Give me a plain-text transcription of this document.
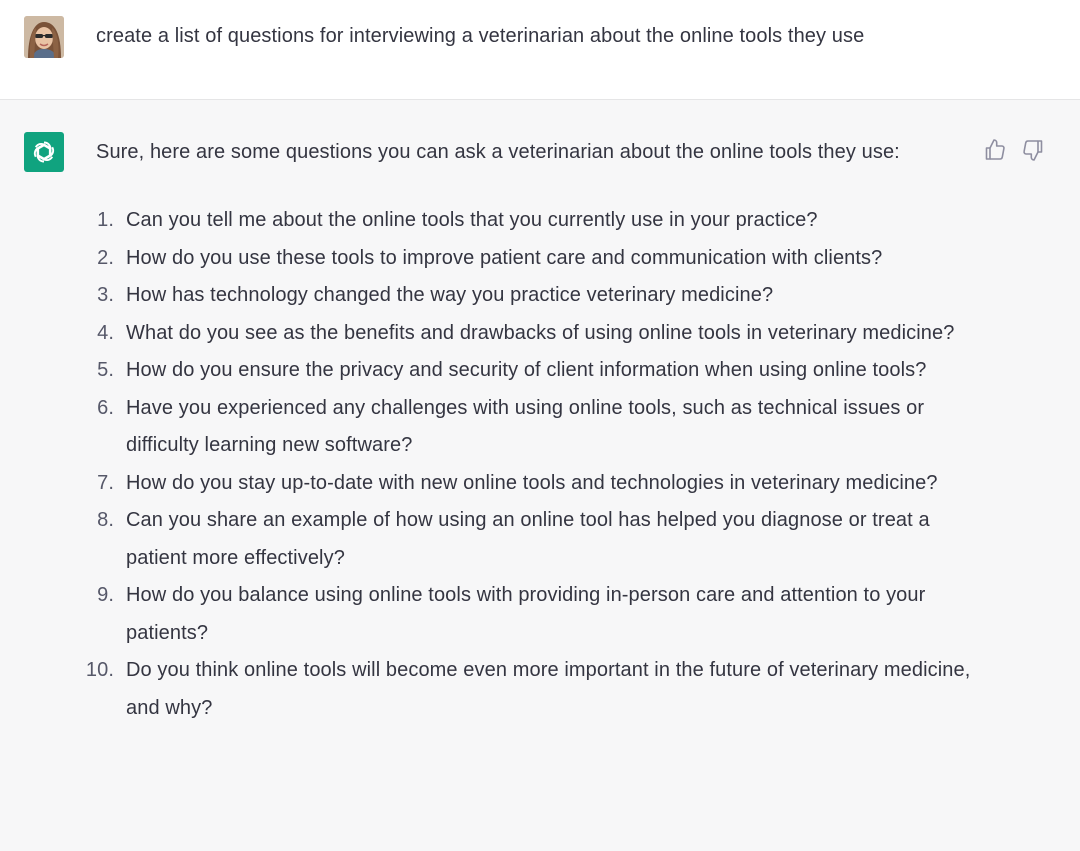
create a list of questions for interviewing a veterinarian about the online tools they use
Sure, here are some questions you can ask a veterinarian about the online tools they use:
1. Can you tell me about the online tools that you currently use in your practice?
2. How do you use these tools to improve patient care and communication with clients?
3. How has technology changed the way you practice veterinary medicine?
4. What do you see as the benefits and drawbacks of using online tools in veterinary medicine?
5. How do you ensure the privacy and security of client information when using online tools?
6. Have you experienced any challenges with using online tools, such as technical issues or difficulty learning new software?
7. How do you stay up-to-date with new online tools and technologies in veterinary medicine?
8. Can you share an example of how using an online tool has helped you diagnose or treat a patient more effectively?
9. How do you balance using online tools with providing in-person care and attention to your patients?
10. Do you think online tools will become even more important in the future of veterinary medicine, and why?
